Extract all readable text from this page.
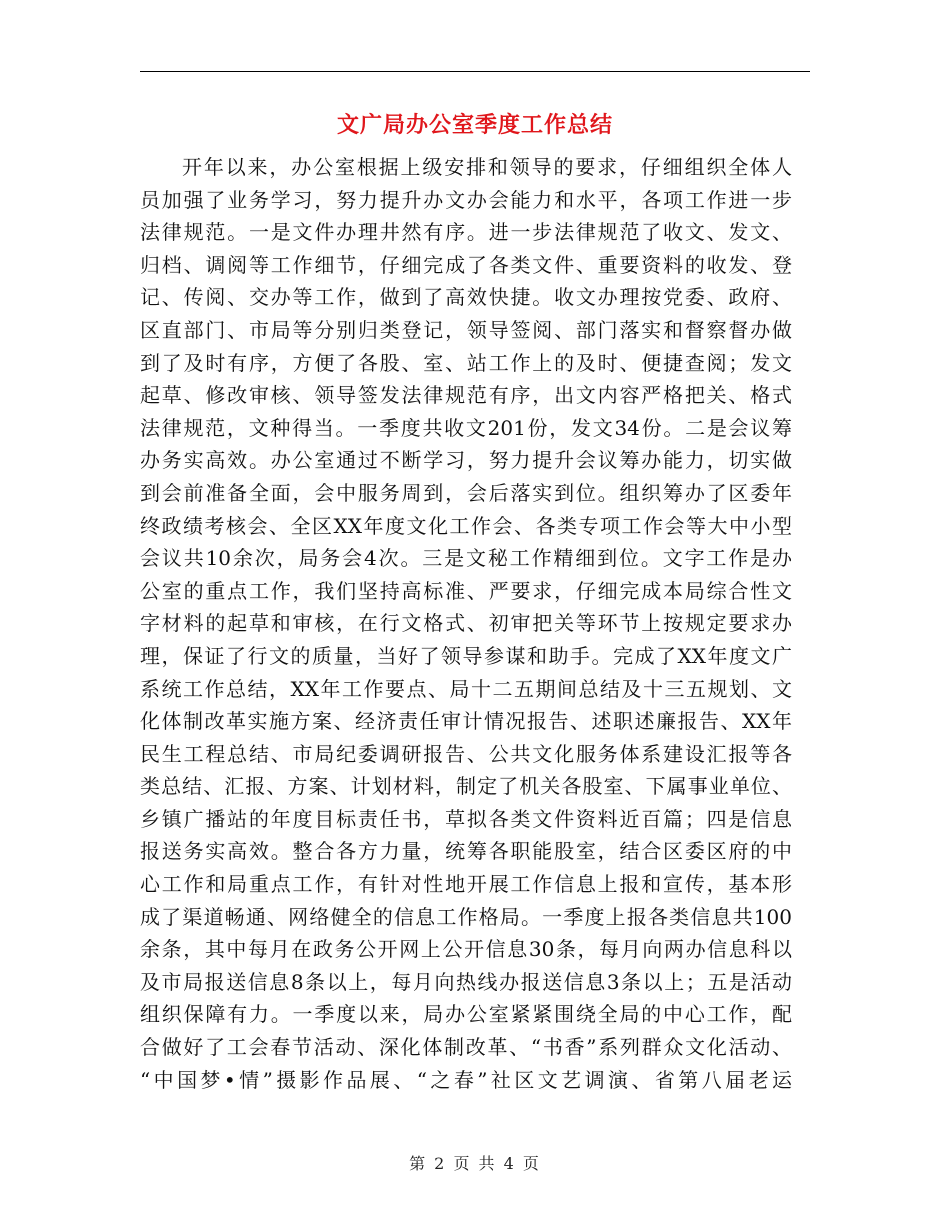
文广局办公室季度工作总结
开年以来，办公室根据上级安排和领导的要求，仔细组织全体人
员加强了业务学习，努力提升办文办会能力和水平，各项工作进一步
法律规范。一是文件办理井然有序。进一步法律规范了收文、发文、
归档、调阅等工作细节，仔细完成了各类文件、重要资料的收发、登
记、传阅、交办等工作，做到了高效快捷。收文办理按党委、政府、
区直部门、市局等分别归类登记，领导签阅、部门落实和督察督办做
到了及时有序，方便了各股、室、站工作上的及时、便捷查阅；发文
起草、修改审核、领导签发法律规范有序，出文内容严格把关、格式
法律规范，文种得当。一季度共收文201份，发文34份。二是会议筹
办务实高效。办公室通过不断学习，努力提升会议筹办能力，切实做
到会前准备全面，会中服务周到，会后落实到位。组织筹办了区委年
终政绩考核会、全区XX年度文化工作会、各类专项工作会等大中小型
会议共10余次，局务会4次。三是文秘工作精细到位。文字工作是办
公室的重点工作，我们坚持高标准、严要求，仔细完成本局综合性文
字材料的起草和审核，在行文格式、初审把关等环节上按规定要求办
理，保证了行文的质量，当好了领导参谋和助手。完成了XX年度文广
系统工作总结，XX年工作要点、局十二五期间总结及十三五规划、文
化体制改革实施方案、经济责任审计情况报告、述职述廉报告、XX年
民生工程总结、市局纪委调研报告、公共文化服务体系建设汇报等各
类总结、汇报、方案、计划材料，制定了机关各股室、下属事业单位、
乡镇广播站的年度目标责任书，草拟各类文件资料近百篇；四是信息
报送务实高效。整合各方力量，统筹各职能股室，结合区委区府的中
心工作和局重点工作，有针对性地开展工作信息上报和宣传，基本形
成了渠道畅通、网络健全的信息工作格局。一季度上报各类信息共100
余条，其中每月在政务公开网上公开信息30条，每月向两办信息科以
及市局报送信息8条以上，每月向热线办报送信息3条以上；五是活动
组织保障有力。一季度以来，局办公室紧紧围绕全局的中心工作，配
合做好了工会春节活动、深化体制改革、“书香”系列群众文化活动、
“中国梦•情”摄影作品展、“之春”社区文艺调演、省第八届老运
第 2 页 共 4 页
